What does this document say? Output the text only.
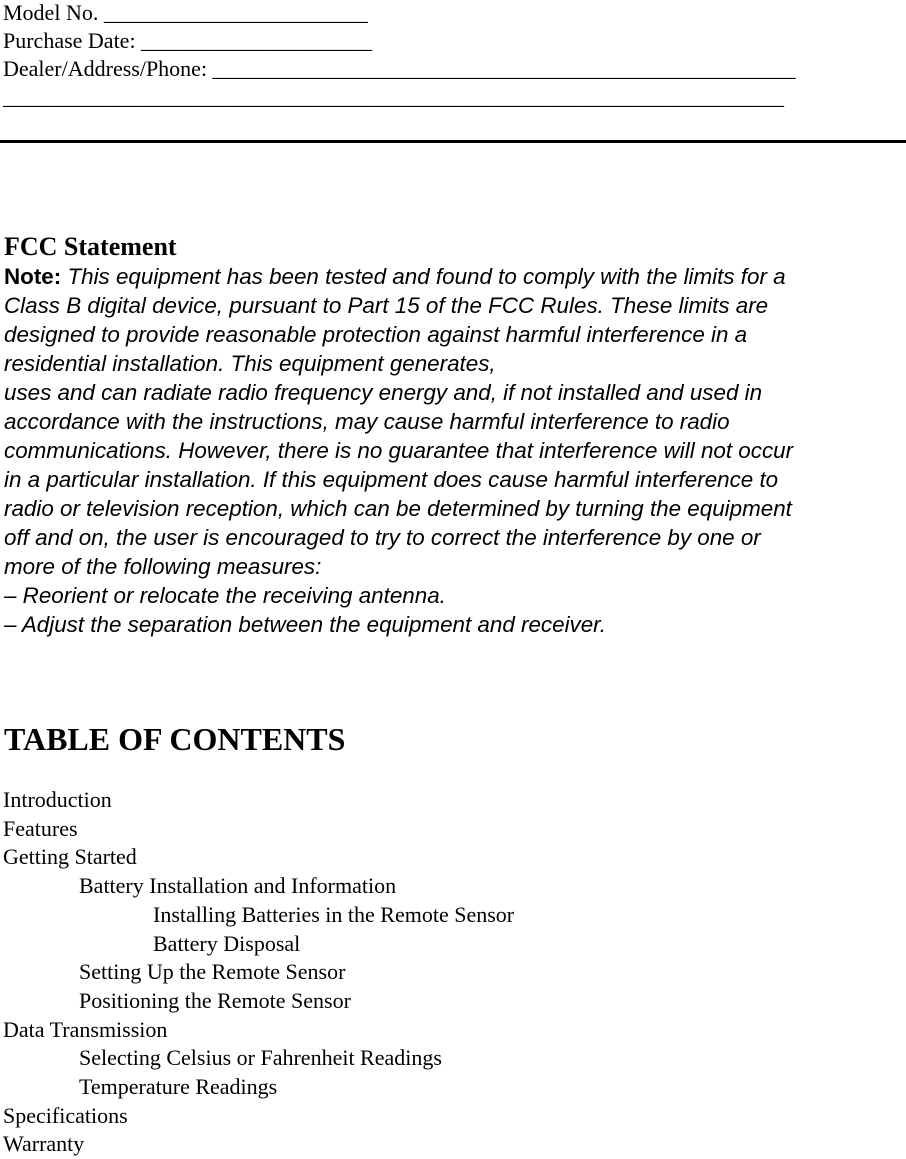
Model No. ________________________
Purchase Date: _____________________
Dealer/Address/Phone: _____________________________________________________
_______________________________________________________________________
FCC Statement
Note: This equipment has been tested and found to comply with the limits for a
Class B digital device, pursuant to Part 15 of the FCC Rules. These limits are
designed to provide reasonable protection against harmful interference in a
residential installation. This equipment generates,
uses and can radiate radio frequency energy and, if not installed and used in
accordance with the instructions, may cause harmful interference to radio
communications. However, there is no guarantee that interference will not occur
in a particular installation. If this equipment does cause harmful interference to
radio or television reception, which can be determined by turning the equipment
off and on, the user is encouraged to try to correct the interference by one or
more of the following measures:
– Reorient or relocate the receiving antenna.
– Adjust the separation between the equipment and receiver.
TABLE OF CONTENTS
Introduction
Features
Getting Started
Battery Installation and Information
Installing Batteries in the Remote Sensor
Battery Disposal
Setting Up the Remote Sensor
Positioning the Remote Sensor
Data Transmission
Selecting Celsius or Fahrenheit Readings
Temperature Readings
Specifications
Warranty
